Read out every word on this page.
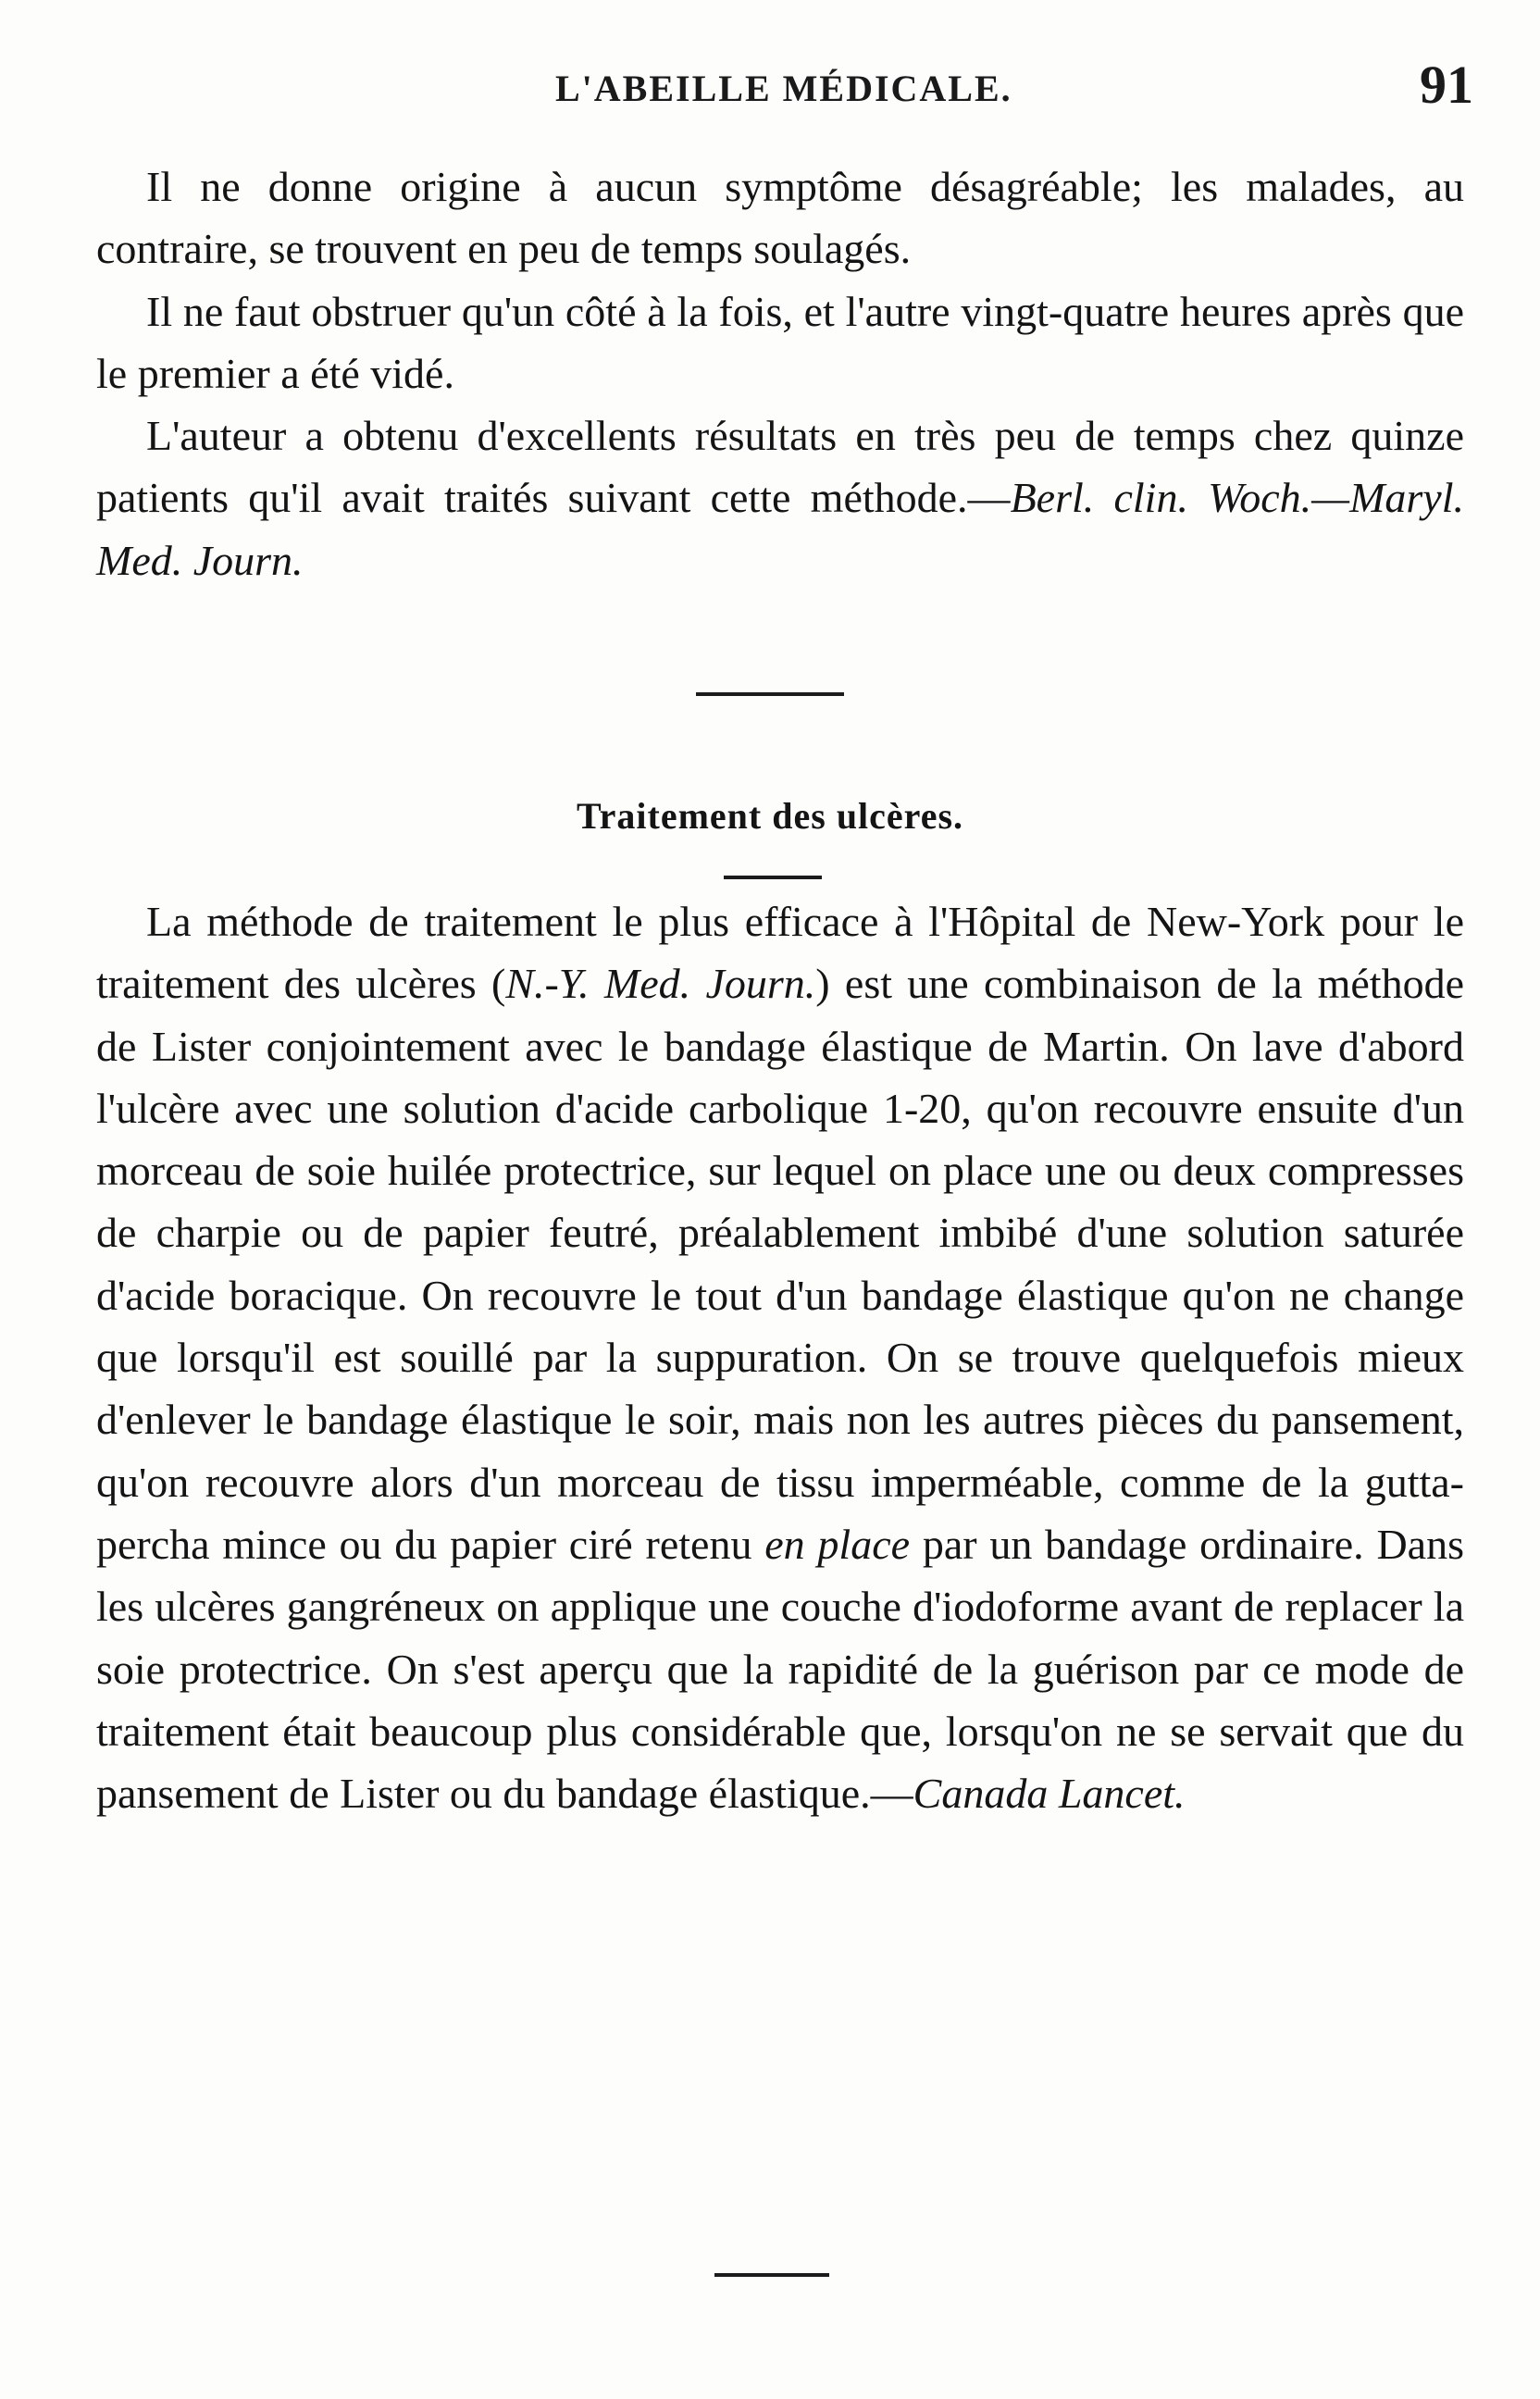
L'ABEILLE MÉDICALE.	91

Il ne donne origine à aucun symptôme désagréable; les malades, au contraire, se trouvent en peu de temps soulagés.

Il ne faut obstruer qu'un côté à la fois, et l'autre vingt-quatre heures après que le premier a été vidé.

L'auteur a obtenu d'excellents résultats en très peu de temps chez quinze patients qu'il avait traités suivant cette méthode.—Berl. clin. Woch.—Maryl. Med. Journ.

Traitement des ulcères.

La méthode de traitement le plus efficace à l'Hôpital de New-York pour le traitement des ulcères (N.-Y. Med. Journ.) est une combinaison de la méthode de Lister conjointement avec le bandage élastique de Martin. On lave d'abord l'ulcère avec une solution d'acide carbolique 1-20, qu'on recouvre ensuite d'un morceau de soie huilée protectrice, sur lequel on place une ou deux compresses de charpie ou de papier feutré, préalablement imbibé d'une solution saturée d'acide boracique. On recouvre le tout d'un bandage élastique qu'on ne change que lorsqu'il est souillé par la suppuration. On se trouve quelquefois mieux d'enlever le bandage élastique le soir, mais non les autres pièces du pansement, qu'on recouvre alors d'un morceau de tissu imperméable, comme de la gutta-percha mince ou du papier ciré retenu en place par un bandage ordinaire. Dans les ulcères gangréneux on applique une couche d'iodoforme avant de replacer la soie protectrice. On s'est aperçu que la rapidité de la guérison par ce mode de traitement était beaucoup plus considérable que, lorsqu'on ne se servait que du pansement de Lister ou du bandage élastique.—Canada Lancet.
